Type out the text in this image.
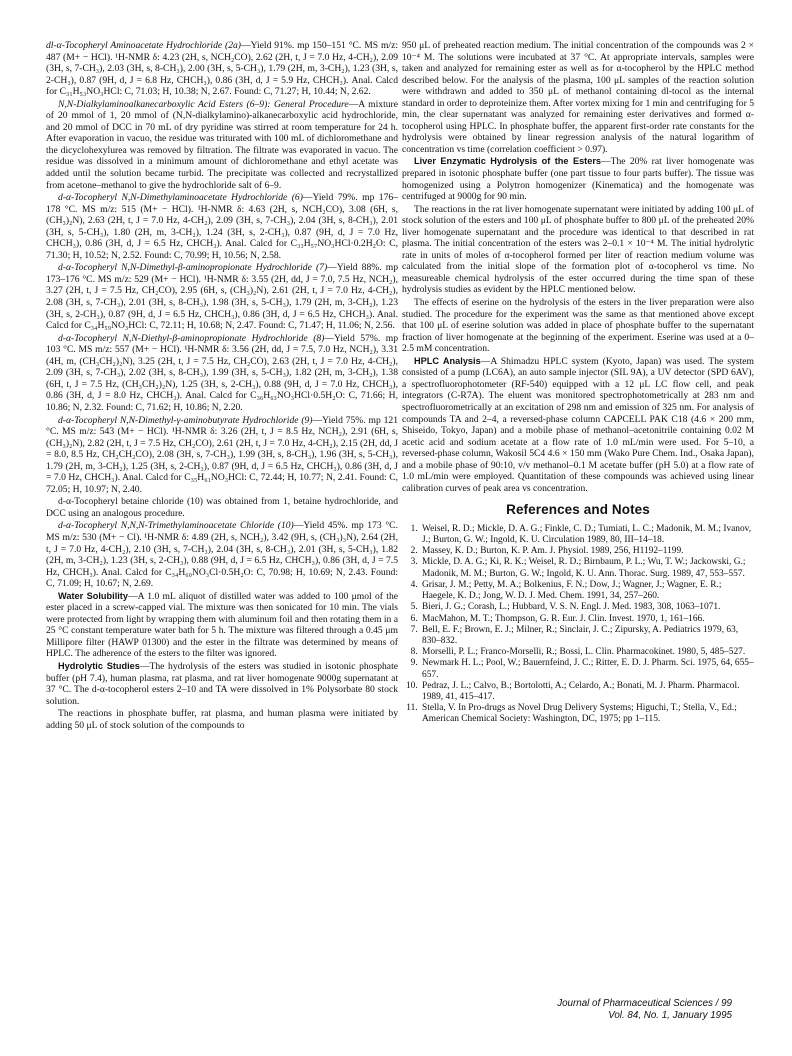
dl-α-Tocopheryl Aminoacetate Hydrochloride (2a)—Yield 91%. mp 150–151 °C. MS m/z: 487 (M+ − HCl). ¹H-NMR δ: 4.23 (2H, s, NCH₂CO), 2.62 (2H, t, J = 7.0 Hz, 4-CH₂), 2.09 (3H, s, 7-CH₃), 2.03 (3H, s, 8-CH₃), 2.00 (3H, s, 5-CH₃), 1.79 (2H, m, 3-CH₂), 1.23 (3H, s, 2-CH₃), 0.87 (9H, d, J = 6.8 Hz, CHCH₃), 0.86 (3H, d, J = 5.9 Hz, CHCH₃). Anal. Calcd for C₃₁H₅₃NO₃HCl: C, 71.03; H, 10.38; N, 2.67. Found: C, 71.27; H, 10.44; N, 2.62.

N,N-Dialkylaminoalkanecarboxylic Acid Esters (6–9): General Procedure—A mixture of 20 mmol of 1, 20 mmol of (N,N-dialkylamino)-alkanecarboxylic acid hydrochloride, and 20 mmol of DCC in 70 mL of dry pyridine was stirred at room temperature for 24 h. After evaporation in vacuo, the residue was triturated with 100 mL of dichloromethane and the dicyclohexylurea was removed by filtration. The filtrate was evaporated in vacuo. The residue was dissolved in a minimum amount of dichloromethane and ethyl acetate was added until the solution became turbid. The precipitate was collected and recrystallized from acetone–methanol to give the hydrochloride salt of 6–9.

d-α-Tocopheryl N,N-Dimethylaminoacetate Hydrochloride (6)—Yield 79%. mp 176–178 °C. MS m/z: 515 (M+ − HCl). ¹H-NMR δ: 4.63 (2H, s, NCH₂CO), 3.08 (6H, s, (CH₃)₂N), 2.63 (2H, t, J = 7.0 Hz, 4-CH₂), 2.09 (3H, s, 7-CH₃), 2.04 (3H, s, 8-CH₃), 2.01 (3H, s, 5-CH₃), 1.80 (2H, m, 3-CH₂), 1.24 (3H, s, 2-CH₃), 0.87 (9H, d, J = 7.0 Hz, CHCH₃), 0.86 (3H, d, J = 6.5 Hz, CHCH₃). Anal. Calcd for C₃₃H₅₇NO₃HCl·0.2H₂O: C, 71.30; H, 10.52; N, 2.52. Found: C, 70.99; H, 10.56; N, 2.58.

d-α-Tocopheryl N,N-Dimethyl-β-aminopropionate Hydrochloride (7)—Yield 88%. mp 173–176 °C. MS m/z: 529 (M+ − HCl). ¹H-NMR δ: 3.55 (2H, dd, J = 7.0, 7.5 Hz, NCH₂), 3.27 (2H, t, J = 7.5 Hz, CH₂CO), 2.95 (6H, s, (CH₃)₂N), 2.61 (2H, t, J = 7.0 Hz, 4-CH₂), 2.08 (3H, s, 7-CH₃), 2.01 (3H, s, 8-CH₃), 1.98 (3H, s, 5-CH₃), 1.79 (2H, m, 3-CH₂), 1.23 (3H, s, 2-CH₃), 0.87 (9H, d, J = 6.5 Hz, CHCH₃), 0.86 (3H, d, J = 6.5 Hz, CHCH₃). Anal. Calcd for C₃₄H₅₉NO₃HCl: C, 72.11; H, 10.68; N, 2.47. Found: C, 71.47; H, 11.06; N, 2.56.

d-α-Tocopheryl N,N-Diethyl-β-aminopropionate Hydrochloride (8)—Yield 57%. mp 103 °C. MS m/z: 557 (M+ − HCl). ¹H-NMR δ: 3.56 (2H, dd, J = 7.5, 7.0 Hz, NCH₂), 3.31 (4H, m, (CH₃CH₂)₂N), 3.25 (2H, t, J = 7.5 Hz, CH₂CO), 2.63 (2H, t, J = 7.0 Hz, 4-CH₂), 2.09 (3H, s, 7-CH₃), 2.02 (3H, s, 8-CH₃), 1.99 (3H, s, 5-CH₃), 1.82 (2H, m, 3-CH₂), 1.38 (6H, t, J = 7.5 Hz, (CH₃CH₂)₂N), 1.25 (3H, s, 2-CH₃), 0.88 (9H, d, J = 7.0 Hz, CHCH₃), 0.86 (3H, d, J = 8.0 Hz, CHCH₃). Anal. Calcd for C₃₆H₆₃NO₃HCl·0.5H₂O: C, 71.66; H, 10.86; N, 2.32. Found: C, 71.62; H, 10.86; N, 2.20.

d-α-Tocopheryl N,N-Dimethyl-γ-aminobutyrate Hydrochloride (9)—Yield 75%. mp 121 °C. MS m/z: 543 (M+ − HCl). ¹H-NMR δ: 3.26 (2H, t, J = 8.5 Hz, NCH₂), 2.91 (6H, s, (CH₃)₂N), 2.82 (2H, t, J = 7.5 Hz, CH₂CO), 2.61 (2H, t, J = 7.0 Hz, 4-CH₂), 2.15 (2H, dd, J = 8.0, 8.5 Hz, CH₂CH₂CO), 2.08 (3H, s, 7-CH₃), 1.99 (3H, s, 8-CH₃), 1.96 (3H, s, 5-CH₃), 1.79 (2H, m, 3-CH₂), 1.25 (3H, s, 2-CH₃), 0.87 (9H, d, J = 6.5 Hz, CHCH₃), 0.86 (3H, d, J = 7.0 Hz, CHCH₃). Anal. Calcd for C₃₅H₆₁NO₃HCl: C, 72.44; H, 10.77; N, 2.41. Found: C, 72.05; H, 10.97; N, 2.40.

d-α-Tocopheryl betaine chloride (10) was obtained from 1, betaine hydrochloride, and DCC using an analogous procedure.

d-α-Tocopheryl N,N,N-Trimethylaminoacetate Chloride (10)—Yield 45%. mp 173 °C. MS m/z: 530 (M+ − Cl). ¹H-NMR δ: 4.89 (2H, s, NCH₂), 3.42 (9H, s, (CH₃)₃N), 2.64 (2H, t, J = 7.0 Hz, 4-CH₂), 2.10 (3H, s, 7-CH₃), 2.04 (3H, s, 8-CH₃), 2.01 (3H, s, 5-CH₃), 1.82 (2H, m, 3-CH₂), 1.23 (3H, s, 2-CH₃), 0.88 (9H, d, J = 6.5 Hz, CHCH₃), 0.86 (3H, d, J = 7.5 Hz, CHCH₃). Anal. Calcd for C₃₄H₆₀NO₃Cl·0.5H₂O: C, 70.98; H, 10.69; N, 2.43. Found: C, 71.09; H, 10.67; N, 2.69.

Water Solubility—A 1.0 mL aliquot of distilled water was added to 100 μmol of the ester placed in a screw-capped vial. The mixture was then sonicated for 10 min. The vials were protected from light by wrapping them with aluminum foil and then rotating them in a 25 °C constant temperature water bath for 5 h. The mixture was filtered through a 0.45 μm Millipore filter (HAWP 01300) and the ester in the filtrate was determined by means of HPLC. The adherence of the esters to the filter was ignored.

Hydrolytic Studies—The hydrolysis of the esters was studied in isotonic phosphate buffer (pH 7.4), human plasma, rat plasma, and rat liver homogenate 9000g supernatant at 37 °C. The d-α-tocopherol esters 2–10 and TA were dissolved in 1% Polysorbate 80 stock solution.

The reactions in phosphate buffer, rat plasma, and human plasma were initiated by adding 50 μL of stock solution of the compounds to

950 μL of preheated reaction medium. The initial concentration of the compounds was 2 × 10⁻⁴ M. The solutions were incubated at 37 °C. At appropriate intervals, samples were taken and analyzed for remaining ester as well as for α-tocopherol by the HPLC method described below. For the analysis of the plasma, 100 μL samples of the reaction solution were withdrawn and added to 350 μL of methanol containing dl-tocol as the internal standard in order to deproteinize them. After vortex mixing for 1 min and centrifuging for 5 min, the clear supernatant was analyzed for remaining ester derivatives and formed α-tocopherol using HPLC. In phosphate buffer, the apparent first-order rate constants for the hydrolysis were obtained by linear regression analysis of the natural logarithm of concentration vs time (correlation coefficient > 0.97).

Liver Enzymatic Hydrolysis of the Esters—The 20% rat liver homogenate was prepared in isotonic phosphate buffer (one part tissue to four parts buffer). The tissue was homogenized using a Polytron homogenizer (Kinematica) and the homogenate was centrifuged at 9000g for 90 min.

The reactions in the rat liver homogenate supernatant were initiated by adding 100 μL of stock solution of the esters and 100 μL of phosphate buffer to 800 μL of the preheated 20% liver homogenate supernatant and the procedure was identical to that described in rat plasma. The initial concentration of the esters was 2–0.1 × 10⁻⁴ M. The initial hydrolytic rate in units of moles of α-tocopherol formed per liter of reaction medium volume was calculated from the initial slope of the formation plot of α-tocopherol vs time. No measureable chemical hydrolysis of the ester occurred during the time span of these hydrolysis studies as evident by the HPLC mentioned below.

The effects of eserine on the hydrolysis of the esters in the liver preparation were also studied. The procedure for the experiment was the same as that mentioned above except that 100 μL of eserine solution was added in place of phosphate buffer to the supernatant fraction of liver homogenate at the beginning of the experiment. Eserine was used at a 0–2.5 mM concentration.

HPLC Analysis—A Shimadzu HPLC system (Kyoto, Japan) was used. The system consisted of a pump (LC6A), an auto sample injector (SIL 9A), a UV detector (SPD 6AV), a spectrofluorophotometer (RF-540) equipped with a 12 μL LC flow cell, and peak integrators (C-R7A). The eluent was monitored spectrophotometrically at 283 nm and spectrofluorometrically at an excitation of 298 nm and emission of 325 nm. For analysis of compounds TA and 2–4, a reversed-phase column CAPCELL PAK C18 (4.6 × 200 mm, Shiseido, Tokyo, Japan) and a mobile phase of methanol–acetonitrile containing 0.02 M acetic acid and sodium acetate at a flow rate of 1.0 mL/min were used. For 5–10, a reversed-phase column, Wakosil 5C4 4.6 × 150 mm (Wako Pure Chem. Ind., Osaka Japan), and a mobile phase of 90:10, v/v methanol–0.1 M acetate buffer (pH 5.0) at a flow rate of 1.0 mL/min were employed. Quantitation of these compounds was achieved using linear calibration curves of peak area vs concentration.

References and Notes
1. Weisel, R. D.; Mickle, D. A. G.; Finkle, C. D.; Tumiati, L. C.; Madonik, M. M.; Ivanov, J.; Burton, G. W.; Ingold, K. U. Circulation 1989, 80, III–14–18.
2. Massey, K. D.; Burton, K. P. Am. J. Physiol. 1989, 256, H1192–1199.
3. Mickle, D. A. G.; Ki, R. K.; Weisel, R. D.; Birnbaum, P. L.; Wu, T. W.; Jackowski, G.; Madonik, M. M.; Burton, G. W.; Ingold, K. U. Ann. Thorac. Surg. 1989, 47, 553–557.
4. Grisar, J. M.; Petty, M. A.; Bolkenius, F. N.; Dow, J.; Wagner, J.; Wagner, E. R.; Haegele, K. D.; Jong, W. D. J. Med. Chem. 1991, 34, 257–260.
5. Bieri, J. G.; Corash, L.; Hubbard, V. S. N. Engl. J. Med. 1983, 308, 1063–1071.
6. MacMahon, M. T.; Thompson, G. R. Eur. J. Clin. Invest. 1970, 1, 161–166.
7. Bell, E. F.; Brown, E. J.; Milner, R.; Sinclair, J. C.; Zipursky, A. Pediatrics 1979, 63, 830–832.
8. Morselli, P. L.; Franco-Morselli, R.; Bossi, L. Clin. Pharmacokinet. 1980, 5, 485–527.
9. Newmark H. L.; Pool, W.; Bauernfeind, J. C.; Ritter, E. D. J. Pharm. Sci. 1975, 64, 655–657.
10. Pedraz, J. L.; Calvo, B.; Bortolotti, A.; Celardo, A.; Bonati, M. J. Pharm. Pharmacol. 1989, 41, 415–417.
11. Stella, V. In Pro-drugs as Novel Drug Delivery Systems; Higuchi, T.; Stella, V., Ed.; American Chemical Society: Washington, DC, 1975; pp 1–115.
Journal of Pharmaceutical Sciences / 99
Vol. 84, No. 1, January 1995
